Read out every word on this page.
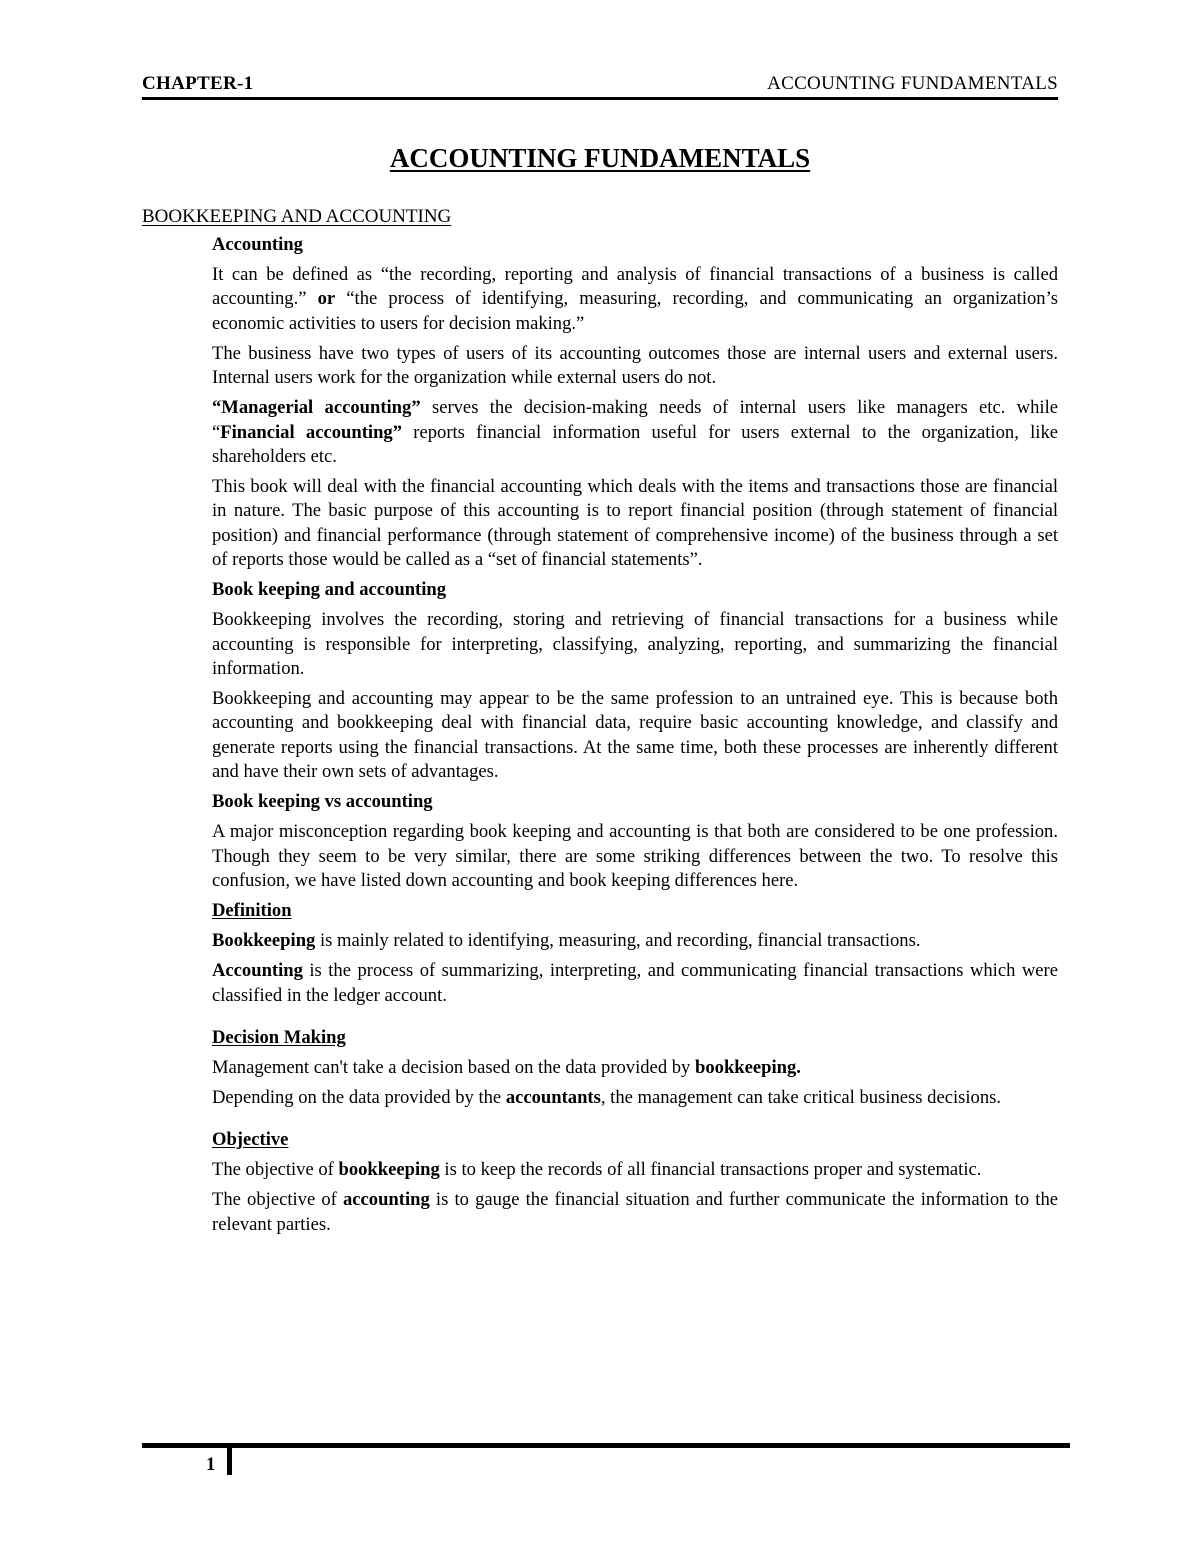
CHAPTER-1	ACCOUNTING FUNDAMENTALS
ACCOUNTING FUNDAMENTALS
BOOKKEEPING AND ACCOUNTING

Accounting

It can be defined as “the recording, reporting and analysis of financial transactions of a business is called accounting.” or “the process of identifying, measuring, recording, and communicating an organization’s economic activities to users for decision making.”

The business have two types of users of its accounting outcomes those are internal users and external users. Internal users work for the organization while external users do not.

“Managerial accounting” serves the decision-making needs of internal users like managers etc. while “Financial accounting” reports financial information useful for users external to the organization, like shareholders etc.

This book will deal with the financial accounting which deals with the items and transactions those are financial in nature. The basic purpose of this accounting is to report financial position (through statement of financial position) and financial performance (through statement of comprehensive income) of the business through a set of reports those would be called as a “set of financial statements”.

Book keeping and accounting

Bookkeeping involves the recording, storing and retrieving of financial transactions for a business while accounting is responsible for interpreting, classifying, analyzing, reporting, and summarizing the financial information.

Bookkeeping and accounting may appear to be the same profession to an untrained eye. This is because both accounting and bookkeeping deal with financial data, require basic accounting knowledge, and classify and generate reports using the financial transactions. At the same time, both these processes are inherently different and have their own sets of advantages.

Book keeping vs accounting

A major misconception regarding book keeping and accounting is that both are considered to be one profession. Though they seem to be very similar, there are some striking differences between the two. To resolve this confusion, we have listed down accounting and book keeping differences here.

Definition

Bookkeeping is mainly related to identifying, measuring, and recording, financial transactions.

Accounting is the process of summarizing, interpreting, and communicating financial transactions which were classified in the ledger account.

Decision Making

Management can't take a decision based on the data provided by bookkeeping.

Depending on the data provided by the accountants, the management can take critical business decisions.

Objective

The objective of bookkeeping is to keep the records of all financial transactions proper and systematic.

The objective of accounting is to gauge the financial situation and further communicate the information to the relevant parties.

1
